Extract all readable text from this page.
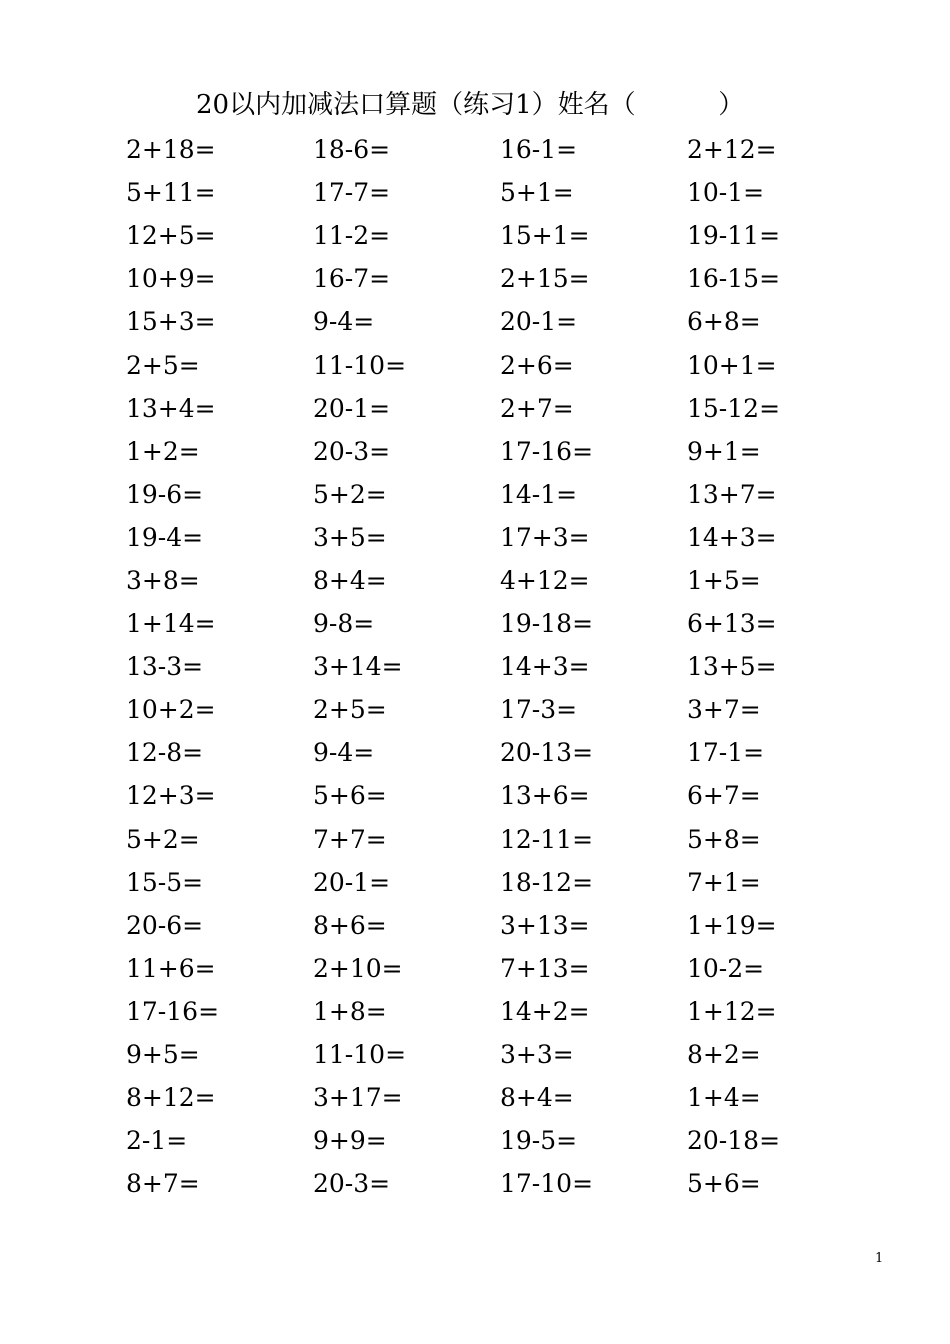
20以内加减法口算题（练习1）姓名（          ）
2+18=	18-6=	16-1=	2+12=
5+11=	17-7=	5+1=	10-1=
12+5=	11-2=	15+1=	19-11=
10+9=	16-7=	2+15=	16-15=
15+3=	9-4=	20-1=	6+8=
2+5=	11-10=	2+6=	10+1=
13+4=	20-1=	2+7=	15-12=
1+2=	20-3=	17-16=	9+1=
19-6=	5+2=	14-1=	13+7=
19-4=	3+5=	17+3=	14+3=
3+8=	8+4=	4+12=	1+5=
1+14=	9-8=	19-18=	6+13=
13-3=	3+14=	14+3=	13+5=
10+2=	2+5=	17-3=	3+7=
12-8=	9-4=	20-13=	17-1=
12+3=	5+6=	13+6=	6+7=
5+2=	7+7=	12-11=	5+8=
15-5=	20-1=	18-12=	7+1=
20-6=	8+6=	3+13=	1+19=
11+6=	2+10=	7+13=	10-2=
17-16=	1+8=	14+2=	1+12=
9+5=	11-10=	3+3=	8+2=
8+12=	3+17=	8+4=	1+4=
2-1=	9+9=	19-5=	20-18=
8+7=	20-3=	17-10=	5+6=
1
